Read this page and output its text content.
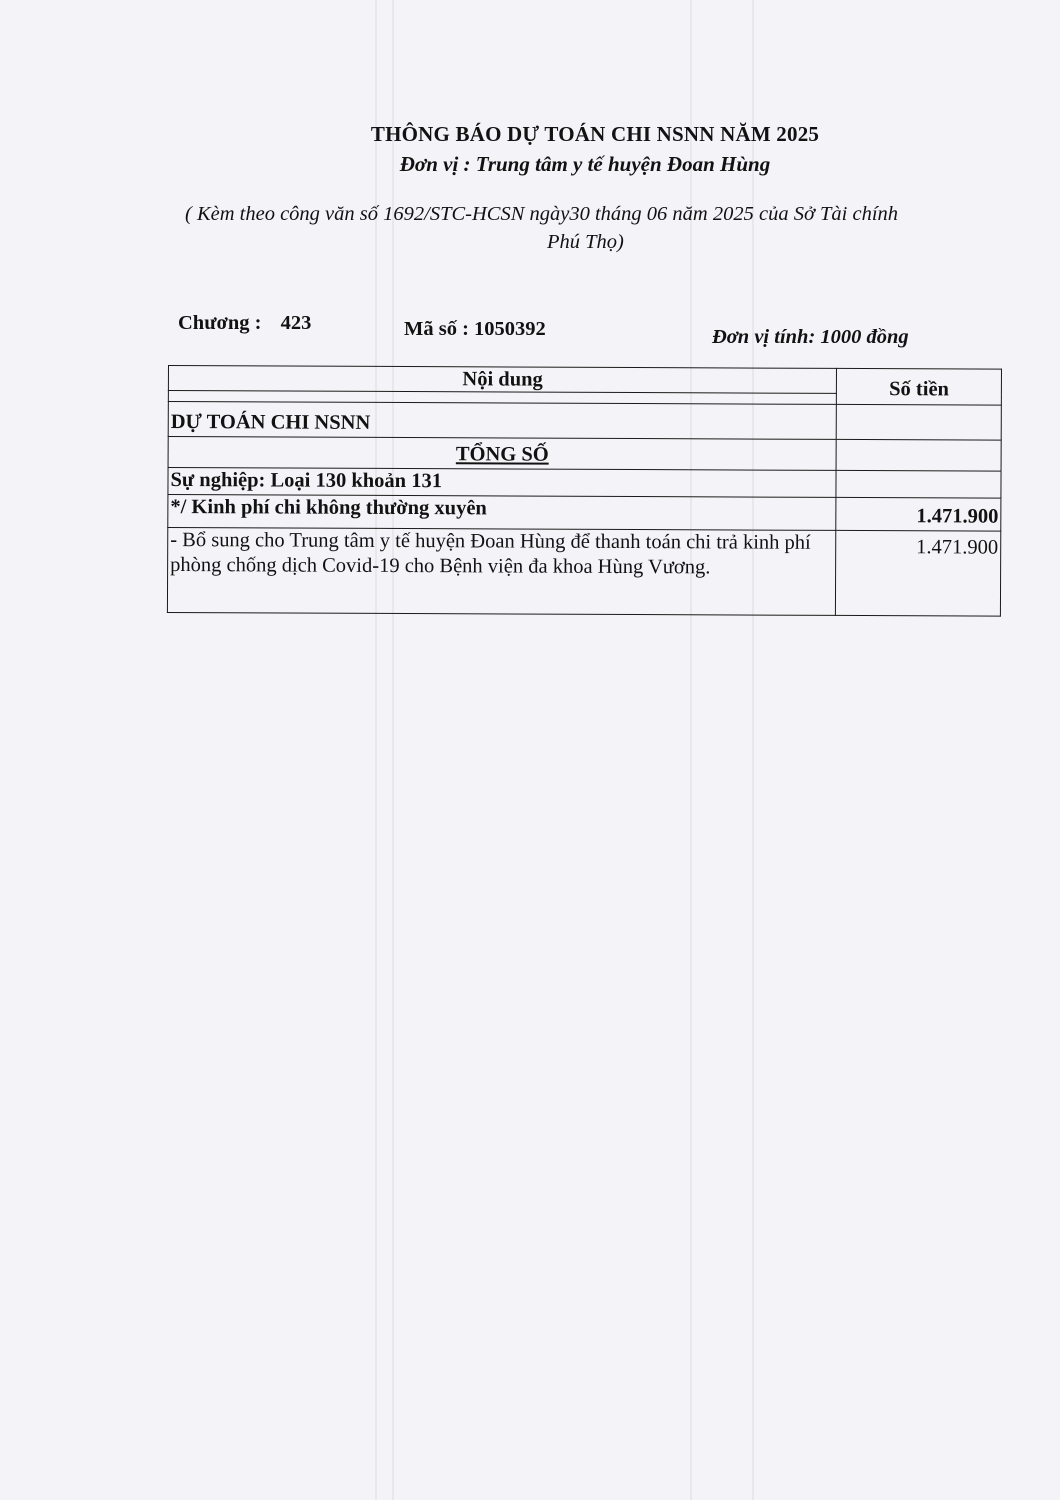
THÔNG BÁO DỰ TOÁN CHI NSNN NĂM 2025
Đơn vị : Trung tâm y tế huyện Đoan Hùng
( Kèm theo công văn số 1692/STC-HCSN ngày30 tháng 06 năm 2025 của Sở Tài chính
Phú Thọ)
Chương : 423	Mã số : 1050392	Đơn vị tính: 1000 đồng
Nội dung	Số tiền

DỰ TOÁN CHI NSNN	
TỔNG SỐ	
Sự nghiệp: Loại 130 khoản 131	
*/ Kinh phí chi không thường xuyên	1.471.900
- Bổ sung cho Trung tâm y tế huyện Đoan Hùng để thanh toán chi trả kinh phí phòng chống dịch Covid-19 cho Bệnh viện đa khoa Hùng Vương.	1.471.900
